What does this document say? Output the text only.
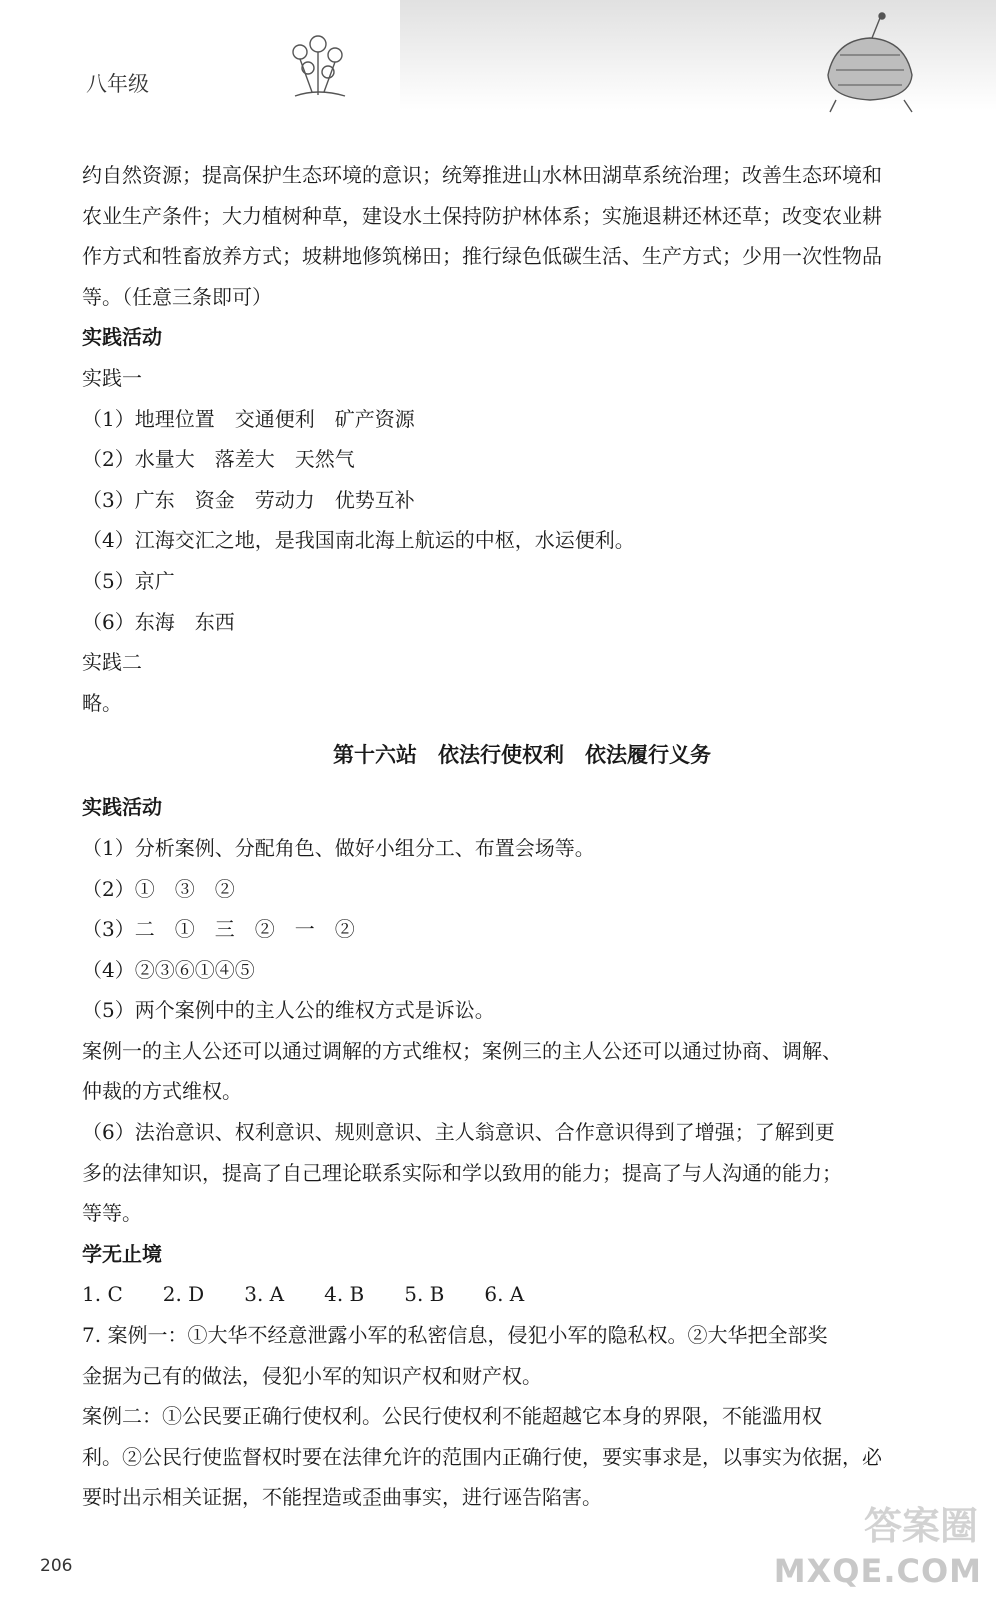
八年级
约自然资源；提高保护生态环境的意识；统筹推进山水林田湖草系统治理；改善生态环境和
农业生产条件；大力植树种草，建设水土保持防护林体系；实施退耕还林还草；改变农业耕
作方式和牲畜放养方式；坡耕地修筑梯田；推行绿色低碳生活、生产方式；少用一次性物品
等。（任意三条即可）
实践活动
实践一
（1）地理位置　交通便利　矿产资源
（2）水量大　落差大　天然气
（3）广东　资金　劳动力　优势互补
（4）江海交汇之地，是我国南北海上航运的中枢，水运便利。
（5）京广
（6）东海　东西
实践二
略。
第十六站　依法行使权利　依法履行义务
实践活动
（1）分析案例、分配角色、做好小组分工、布置会场等。
（2）①　③　②
（3）二　①　三　②　一　②
（4）②③⑥①④⑤
（5）两个案例中的主人公的维权方式是诉讼。
案例一的主人公还可以通过调解的方式维权；案例三的主人公还可以通过协商、调解、
仲裁的方式维权。
（6）法治意识、权利意识、规则意识、主人翁意识、合作意识得到了增强；了解到更
多的法律知识，提高了自己理论联系实际和学以致用的能力；提高了与人沟通的能力；
等等。
学无止境
1. C　　2. D　　3. A　　4. B　　5. B　　6. A
7. 案例一：①大华不经意泄露小军的私密信息，侵犯小军的隐私权。②大华把全部奖
金据为己有的做法，侵犯小军的知识产权和财产权。
案例二：①公民要正确行使权利。公民行使权利不能超越它本身的界限，不能滥用权
利。②公民行使监督权时要在法律允许的范围内正确行使，要实事求是，以事实为依据，必
要时出示相关证据，不能捏造或歪曲事实，进行诬告陷害。
206
答案圈
MXQE.COM
